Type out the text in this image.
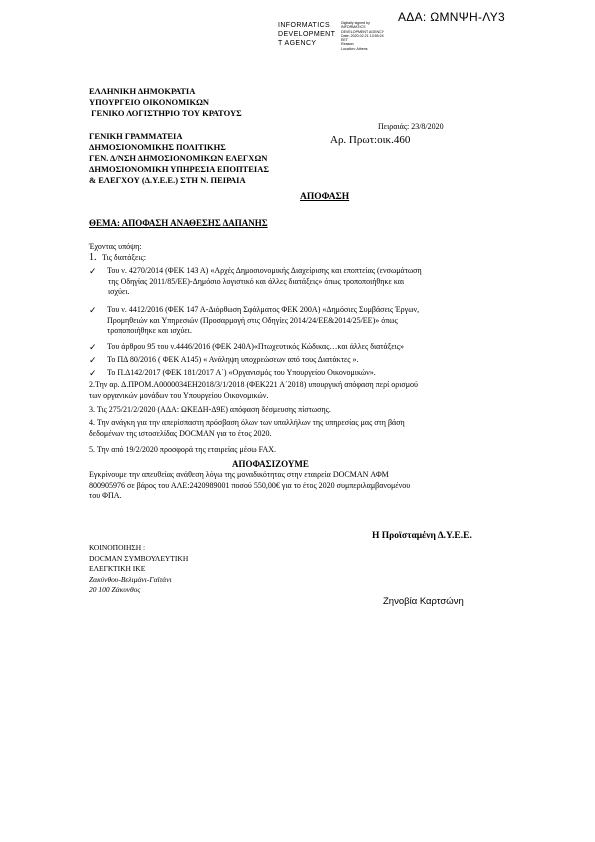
ΑΔΑ: ΩΜΝΨΗ-ΛΥ3
INFORMATICS
DEVELOPMENT
T AGENCY
Digitally signed by
INFORMATICS
DEVELOPMENT AGENCY
Date: 2020.02.21 13:55:24
EET
Reason:
Location: Athens
ΕΛΛΗΝΙΚΗ ΔΗΜΟΚΡΑΤΙΑ
ΥΠΟΥΡΓΕΙΟ ΟΙΚΟΝΟΜΙΚΩΝ
ΓΕΝΙΚΟ ΛΟΓΙΣΤΗΡΙΟ ΤΟΥ ΚΡΑΤΟΥΣ
Πειραιάς: 23/8/2020
ΓΕΝΙΚΗ ΓΡΑΜΜΑΤΕΙΑ
ΔΗΜΟΣΙΟΝΟΜΙΚΗΣ ΠΟΛΙΤΙΚΗΣ
ΓΕΝ. Δ/ΝΣΗ ΔΗΜΟΣΙΟΝΟΜΙΚΩΝ ΕΛΕΓΧΩΝ
ΔΗΜΟΣΙΟΝΟΜΙΚΗ ΥΠΗΡΕΣΙΑ ΕΠΟΠΤΕΙΑΣ
& ΕΛΕΓΧΟΥ (Δ.Υ.Ε.Ε.) ΣΤΗ Ν. ΠΕΙΡΑΙΑ
Αρ. Πρωτ:οικ.460
ΑΠΟΦΑΣΗ
ΘΕΜΑ: ΑΠΟΦΑΣΗ ΑΝΑΘΕΣΗΣ ΔΑΠΑΝΗΣ
Έχοντας υπόψη:
1. Τις διατάξεις:
✓ Του ν. 4270/2014 (ΦΕΚ 143 Α) «Αρχές Δημοσιονομικής Διαχείρισης και εποπτείας (ενσωμάτωση
της Οδηγίας 2011/85/ΕΕ)-Δημόσιο λογιστικό και άλλες διατάξεις» όπως τροποποιήθηκε και
ισχύει.
✓ Του ν. 4412/2016 (ΦΕΚ 147 Α-Διόρθωση Σφάλματος ΦΕΚ 200Α) «Δημόσιες Συμβάσεις Έργων,
Προμηθειών και Υπηρεσιών (Προσαρμογή στις Οδηγίες 2014/24/ΕΕ&2014/25/ΕΕ)» όπως
τροποποιήθηκε και ισχύει.
✓ Του άρθρου 95 του ν.4446/2016 (ΦΕΚ 240Α)«Πτωχευτικός Κώδικας…και άλλες διατάξεις»
✓ Το ΠΔ 80/2016 ( ΦΕΚ Α145) « Ανάληψη υποχρεώσεων από τους Διατάκτες ».
✓ Το Π.Δ142/2017 (ΦΕΚ 181/2017 Α΄) «Οργανισμός του Υπουργείου Οικονομικών».
2.Την αρ. Δ.ΠΡΟΜ.Α0000034ΕΗ2018/3/1/2018 (ΦΕΚ221 Α΄2018) υπουργική απόφαση περί ορισμού
των οργανικών μονάδων του Υπουργείου Οικονομικών.
3. Τις 275/21/2/2020 (ΑΔΑ: ΩΚΕΔΗ-Δ9Ε) απόφαση δέσμευσης πίστωσης.
4. Την ανάγκη για την απερίσπαστη πρόσβαση όλων των υπαλλήλων της υπηρεσίας μας στη βάση
δεδομένων της ιστοσελίδας DOCMAN για το έτος 2020.
5. Την από 19/2/2020 προσφορά της εταιρείας μέσω FAX.
ΑΠΟΦΑΣΙΖΟΥΜΕ
Εγκρίνουμε την απευθείας ανάθεση λόγω της μοναδικότητας στην εταιρεία DOCMAN ΑΦΜ
800905976 σε βάρος του ΑΛΕ:2420989001 ποσού 550,00€ για το έτος 2020 συμπεριλαμβανομένου
του ΦΠΑ.
Η Προϊσταμένη Δ.Υ.Ε.Ε.
ΚΟΙΝΟΠΟΙΗΣΗ :
DOCMAN ΣΥΜΒΟΥΛΕΥΤΙΚΗ
ΕΛΕΓΚΤΙΚΗ ΙΚΕ
Ζακύνθου-Βελιμάνι-Γαϊτάνι
20 100 Ζάκυνθος
Ζηνοβία Καρτσώνη
